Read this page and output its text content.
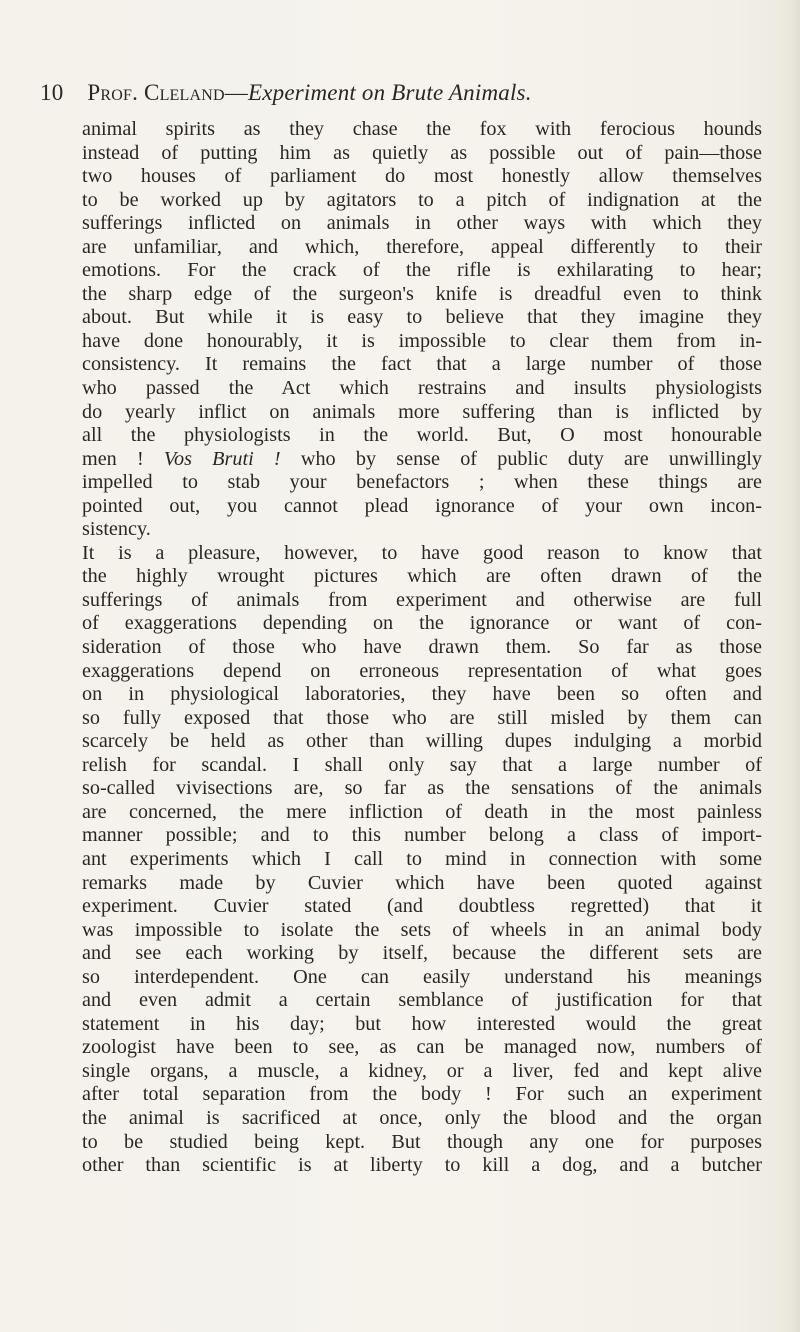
10 Prof. Cleland—Experiment on Brute Animals.
animal spirits as they chase the fox with ferocious hounds
instead of putting him as quietly as possible out of pain—those
two houses of parliament do most honestly allow themselves
to be worked up by agitators to a pitch of indignation at the
sufferings inflicted on animals in other ways with which they
are unfamiliar, and which, therefore, appeal differently to their
emotions. For the crack of the rifle is exhilarating to hear;
the sharp edge of the surgeon's knife is dreadful even to think
about. But while it is easy to believe that they imagine they
have done honourably, it is impossible to clear them from in-
consistency. It remains the fact that a large number of those
who passed the Act which restrains and insults physiologists
do yearly inflict on animals more suffering than is inflicted by
all the physiologists in the world. But, O most honourable
men ! Vos Bruti ! who by sense of public duty are unwillingly
impelled to stab your benefactors ; when these things are
pointed out, you cannot plead ignorance of your own incon-
sistency.
It is a pleasure, however, to have good reason to know that
the highly wrought pictures which are often drawn of the
sufferings of animals from experiment and otherwise are full
of exaggerations depending on the ignorance or want of con-
sideration of those who have drawn them. So far as those
exaggerations depend on erroneous representation of what goes
on in physiological laboratories, they have been so often and
so fully exposed that those who are still misled by them can
scarcely be held as other than willing dupes indulging a morbid
relish for scandal. I shall only say that a large number of
so-called vivisections are, so far as the sensations of the animals
are concerned, the mere infliction of death in the most painless
manner possible; and to this number belong a class of import-
ant experiments which I call to mind in connection with some
remarks made by Cuvier which have been quoted against
experiment. Cuvier stated (and doubtless regretted) that it
was impossible to isolate the sets of wheels in an animal body
and see each working by itself, because the different sets are
so interdependent. One can easily understand his meanings
and even admit a certain semblance of justification for that
statement in his day; but how interested would the great
zoologist have been to see, as can be managed now, numbers of
single organs, a muscle, a kidney, or a liver, fed and kept alive
after total separation from the body ! For such an experiment
the animal is sacrificed at once, only the blood and the organ
to be studied being kept. But though any one for purposes
other than scientific is at liberty to kill a dog, and a butcher
